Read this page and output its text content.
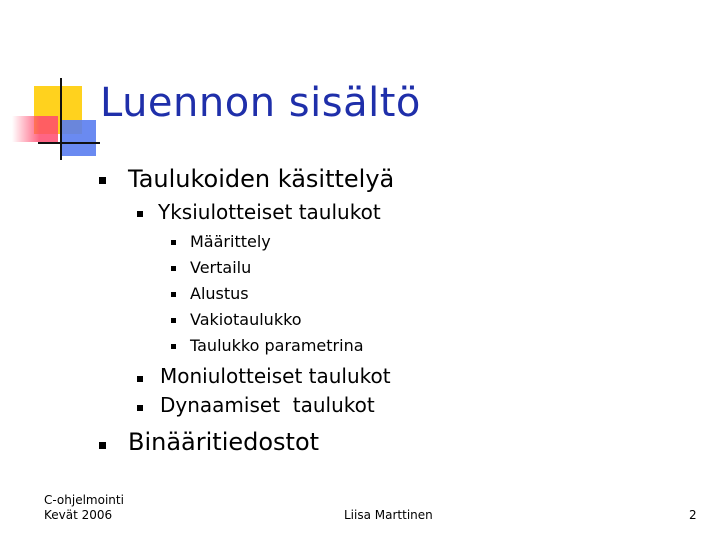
Luennon sisältö
Taulukoiden käsittelyä
Yksiulotteiset taulukot
Määrittely
Vertailu
Alustus
Vakiotaulukko
Taulukko parametrina
Moniulotteiset taulukot
Dynaamiset  taulukot
Binääritiedostot
C-ohjelmointi
Kevät 2006	Liisa Marttinen	2
